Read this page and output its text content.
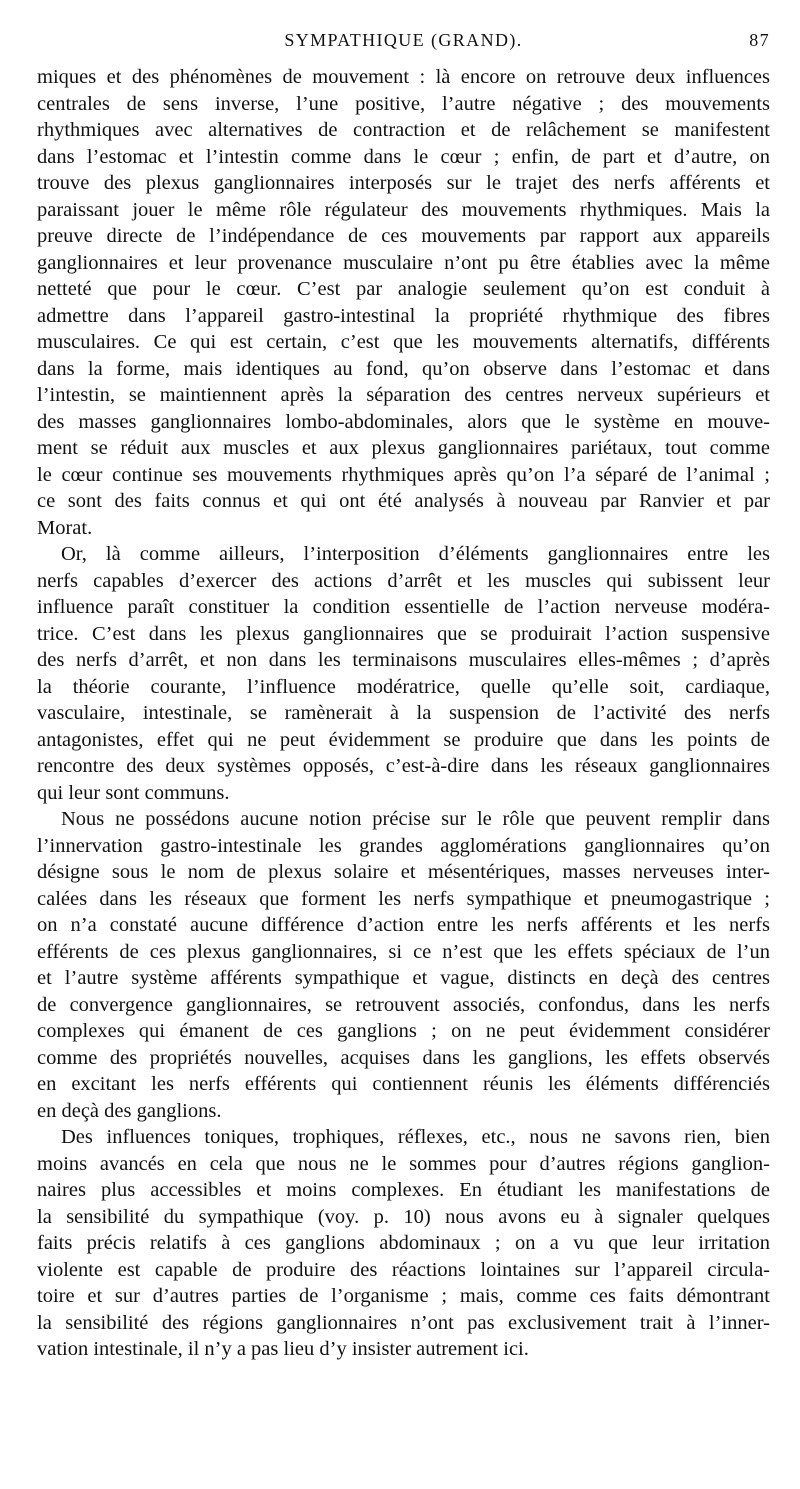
SYMPATHIQUE (GRAND).	87
miques et des phénomènes de mouvement : là encore on retrouve deux influences
centrales de sens inverse, l’une positive, l’autre négative ; des mouvements
rhythmiques avec alternatives de contraction et de relâchement se manifestent
dans l’estomac et l’intestin comme dans le cœur ; enfin, de part et d’autre, on
trouve des plexus ganglionnaires interposés sur le trajet des nerfs afférents et
paraissant jouer le même rôle régulateur des mouvements rhythmiques. Mais la
preuve directe de l’indépendance de ces mouvements par rapport aux appareils
ganglionnaires et leur provenance musculaire n’ont pu être établies avec la même
netteté que pour le cœur. C’est par analogie seulement qu’on est conduit à
admettre dans l’appareil gastro-intestinal la propriété rhythmique des fibres
musculaires. Ce qui est certain, c’est que les mouvements alternatifs, différents
dans la forme, mais identiques au fond, qu’on observe dans l’estomac et dans
l’intestin, se maintiennent après la séparation des centres nerveux supérieurs et
des masses ganglionnaires lombo-abdominales, alors que le système en mouve-
ment se réduit aux muscles et aux plexus ganglionnaires pariétaux, tout comme
le cœur continue ses mouvements rhythmiques après qu’on l’a séparé de l’animal ;
ce sont des faits connus et qui ont été analysés à nouveau par Ranvier et par
Morat.
Or, là comme ailleurs, l’interposition d’éléments ganglionnaires entre les
nerfs capables d’exercer des actions d’arrêt et les muscles qui subissent leur
influence paraît constituer la condition essentielle de l’action nerveuse modéra-
trice. C’est dans les plexus ganglionnaires que se produirait l’action suspensive
des nerfs d’arrêt, et non dans les terminaisons musculaires elles-mêmes ; d’après
la théorie courante, l’influence modératrice, quelle qu’elle soit, cardiaque,
vasculaire, intestinale, se ramènerait à la suspension de l’activité des nerfs
antagonistes, effet qui ne peut évidemment se produire que dans les points de
rencontre des deux systèmes opposés, c’est-à-dire dans les réseaux ganglionnaires
qui leur sont communs.
Nous ne possédons aucune notion précise sur le rôle que peuvent remplir dans
l’innervation gastro-intestinale les grandes agglomérations ganglionnaires qu’on
désigne sous le nom de plexus solaire et mésentériques, masses nerveuses inter-
calées dans les réseaux que forment les nerfs sympathique et pneumogastrique ;
on n’a constaté aucune différence d’action entre les nerfs afférents et les nerfs
efférents de ces plexus ganglionnaires, si ce n’est que les effets spéciaux de l’un
et l’autre système afférents sympathique et vague, distincts en deçà des centres
de convergence ganglionnaires, se retrouvent associés, confondus, dans les nerfs
complexes qui émanent de ces ganglions ; on ne peut évidemment considérer
comme des propriétés nouvelles, acquises dans les ganglions, les effets observés
en excitant les nerfs efférents qui contiennent réunis les éléments différenciés
en deçà des ganglions.
Des influences toniques, trophiques, réflexes, etc., nous ne savons rien, bien
moins avancés en cela que nous ne le sommes pour d’autres régions ganglion-
naires plus accessibles et moins complexes. En étudiant les manifestations de
la sensibilité du sympathique (voy. p. 10) nous avons eu à signaler quelques
faits précis relatifs à ces ganglions abdominaux ; on a vu que leur irritation
violente est capable de produire des réactions lointaines sur l’appareil circula-
toire et sur d’autres parties de l’organisme ; mais, comme ces faits démontrant
la sensibilité des régions ganglionnaires n’ont pas exclusivement trait à l’inner-
vation intestinale, il n’y a pas lieu d’y insister autrement ici.
